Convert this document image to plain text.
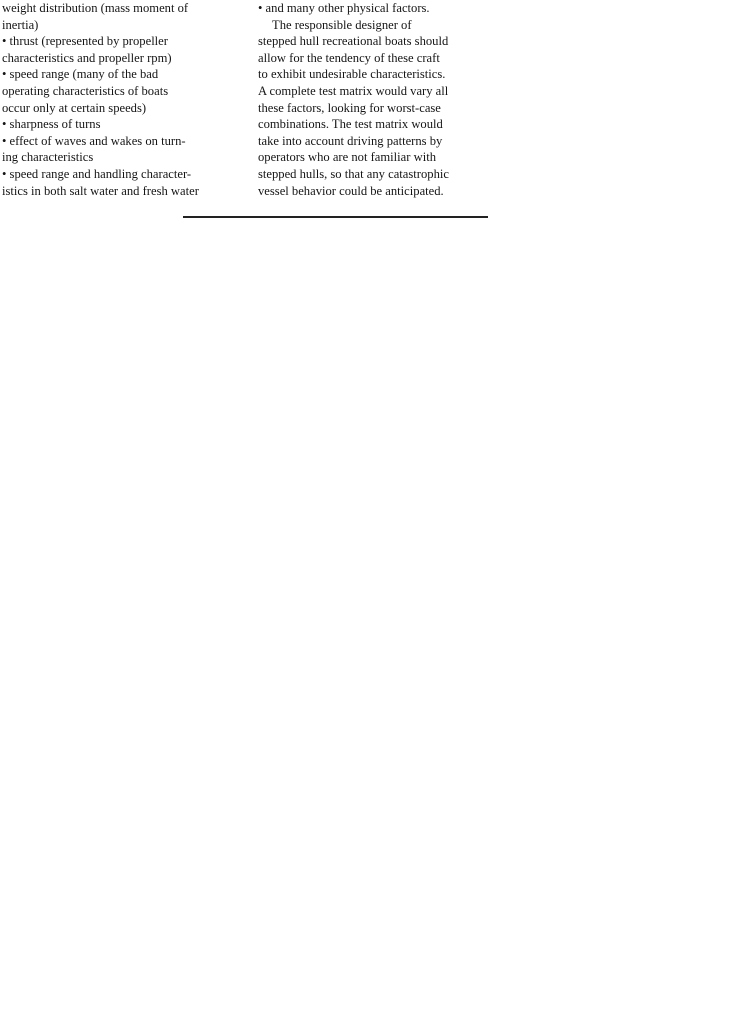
weight distribution (mass moment of

inertia)

• thrust (represented by propeller

characteristics and propeller rpm)

• speed range (many of the bad

operating characteristics of boats

occur only at certain speeds)

• sharpness of turns

• effect of waves and wakes on turn-

ing characteristics

• speed range and handling character-

istics in both salt water and fresh water

• and many other physical factors.

The responsible designer of

stepped hull recreational boats should

allow for the tendency of these craft

to exhibit undesirable characteristics.

A complete test matrix would vary all

these factors, looking for worst-case

combinations. The test matrix would

take into account driving patterns by

operators who are not familiar with

stepped hulls, so that any catastrophic

vessel behavior could be anticipated.
